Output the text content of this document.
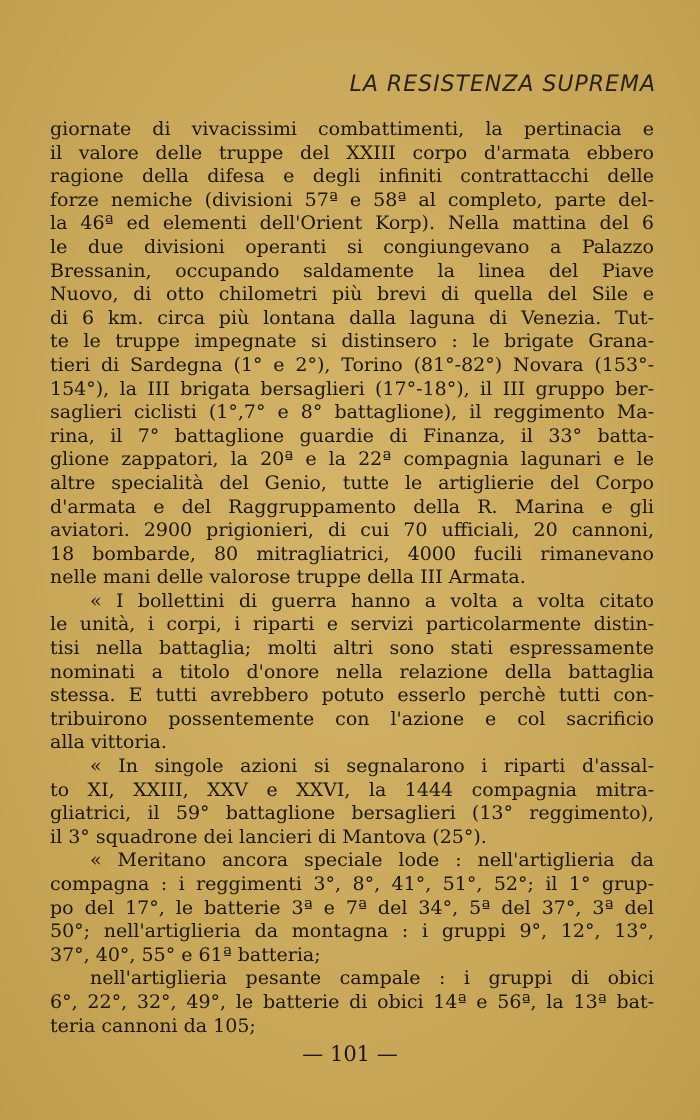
LA RESISTENZA SUPREMA
giornate di vivacissimi combattimenti, la pertinacia e
il valore delle truppe del XXIII corpo d'armata ebbero
ragione della difesa e degli infiniti contrattacchi delle
forze nemiche (divisioni 57ª e 58ª al completo, parte del-
la 46ª ed elementi dell'Orient Korp). Nella mattina del 6
le due divisioni operanti si congiungevano a Palazzo
Bressanin, occupando saldamente la linea del Piave
Nuovo, di otto chilometri più brevi di quella del Sile e
di 6 km. circa più lontana dalla laguna di Venezia. Tut-
te le truppe impegnate si distinsero : le brigate Grana-
tieri di Sardegna (1° e 2°), Torino (81°-82°) Novara (153°-
154°), la III brigata bersaglieri (17°-18°), il III gruppo ber-
saglieri ciclisti (1°,7° e 8° battaglione), il reggimento Ma-
rina, il 7° battaglione guardie di Finanza, il 33° batta-
glione zappatori, la 20ª e la 22ª compagnia lagunari e le
altre specialità del Genio, tutte le artiglierie del Corpo
d'armata e del Raggruppamento della R. Marina e gli
aviatori. 2900 prigionieri, di cui 70 ufficiali, 20 cannoni,
18 bombarde, 80 mitragliatrici, 4000 fucili rimanevano
nelle mani delle valorose truppe della III Armata.
« I bollettini di guerra hanno a volta a volta citato
le unità, i corpi, i riparti e servizi particolarmente distin-
tisi nella battaglia; molti altri sono stati espressamente
nominati a titolo d'onore nella relazione della battaglia
stessa. E tutti avrebbero potuto esserlo perchè tutti con-
tribuirono possentemente con l'azione e col sacrificio
alla vittoria.
« In singole azioni si segnalarono i riparti d'assal-
to XI, XXIII, XXV e XXVI, la 1444 compagnia mitra-
gliatrici, il 59° battaglione bersaglieri (13° reggimento),
il 3° squadrone dei lancieri di Mantova (25°).
« Meritano ancora speciale lode : nell'artiglieria da
compagna : i reggimenti 3°, 8°, 41°, 51°, 52°; il 1° grup-
po del 17°, le batterie 3ª e 7ª del 34°, 5ª del 37°, 3ª del
50°; nell'artiglieria da montagna : i gruppi 9°, 12°, 13°,
37°, 40°, 55° e 61ª batteria;
nell'artiglieria pesante campale : i gruppi di obici
6°, 22°, 32°, 49°, le batterie di obici 14ª e 56ª, la 13ª bat-
teria cannoni da 105;
— 101 —
